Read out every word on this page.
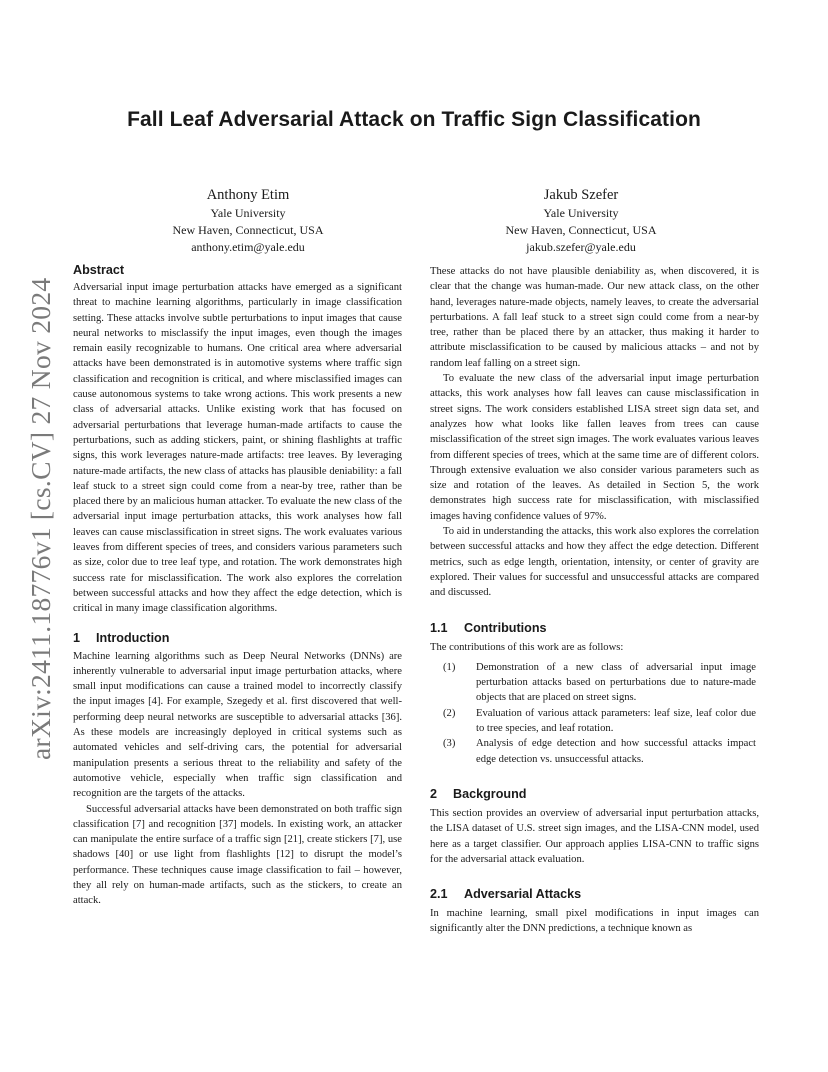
arXiv:2411.18776v1 [cs.CV] 27 Nov 2024
Fall Leaf Adversarial Attack on Traffic Sign Classification
Anthony Etim
Yale University
New Haven, Connecticut, USA
anthony.etim@yale.edu
Jakub Szefer
Yale University
New Haven, Connecticut, USA
jakub.szefer@yale.edu
Abstract

Adversarial input image perturbation attacks have emerged as a significant threat to machine learning algorithms, particularly in image classification setting. These attacks involve subtle perturbations to input images that cause neural networks to misclassify the input images, even though the images remain easily recognizable to humans. One critical area where adversarial attacks have been demonstrated is in automotive systems where traffic sign classification and recognition is critical, and where misclassified images can cause autonomous systems to take wrong actions. This work presents a new class of adversarial attacks. Unlike existing work that has focused on adversarial perturbations that leverage human-made artifacts to cause the perturbations, such as adding stickers, paint, or shining flashlights at traffic signs, this work leverages nature-made artifacts: tree leaves. By leveraging nature-made artifacts, the new class of attacks has plausible deniability: a fall leaf stuck to a street sign could come from a near-by tree, rather than be placed there by an malicious human attacker. To evaluate the new class of the adversarial input image perturbation attacks, this work analyses how fall leaves can cause misclassification in street signs. The work evaluates various leaves from different species of trees, and considers various parameters such as size, color due to tree leaf type, and rotation. The work demonstrates high success rate for misclassification. The work also explores the correlation between successful attacks and how they affect the edge detection, which is critical in many image classification algorithms.

1 Introduction

Machine learning algorithms such as Deep Neural Networks (DNNs) are inherently vulnerable to adversarial input image perturbation attacks, where small input modifications can cause a trained model to incorrectly classify the input images [4]. For example, Szegedy et al. first discovered that well-performing deep neural networks are susceptible to adversarial attacks [36]. As these models are increasingly deployed in critical systems such as automated vehicles and self-driving cars, the potential for adversarial manipulation presents a serious threat to the reliability and safety of the automotive vehicle, especially when traffic sign classification and recognition are the targets of the attacks.

Successful adversarial attacks have been demonstrated on both traffic sign classification [7] and recognition [37] models. In existing work, an attacker can manipulate the entire surface of a traffic sign [21], create stickers [7], use shadows [40] or use light from flashlights [12] to disrupt the model’s performance. These techniques cause image classification to fail – however, they all rely on human-made artifacts, such as the stickers, to create an attack.

These attacks do not have plausible deniability as, when discovered, it is clear that the change was human-made. Our new attack class, on the other hand, leverages nature-made objects, namely leaves, to create the adversarial perturbations. A fall leaf stuck to a street sign could come from a near-by tree, rather than be placed there by an attacker, thus making it harder to attribute misclassification to be caused by malicious attacks – and not by random leaf falling on a street sign.

To evaluate the new class of the adversarial input image perturbation attacks, this work analyses how fall leaves can cause misclassification in street signs. The work considers established LISA street sign data set, and analyzes how what looks like fallen leaves from trees can cause misclassification of the street sign images. The work evaluates various leaves from different species of trees, which at the same time are of different colors. Through extensive evaluation we also consider various parameters such as size and rotation of the leaves. As detailed in Section 5, the work demonstrates high success rate for misclassification, with misclassified images having confidence values of 97%.

To aid in understanding the attacks, this work also explores the correlation between successful attacks and how they affect the edge detection. Different metrics, such as edge length, orientation, intensity, or center of gravity are explored. Their values for successful and unsuccessful attacks are compared and discussed.

1.1 Contributions

The contributions of this work are as follows:

(1) Demonstration of a new class of adversarial input image perturbation attacks based on perturbations due to nature-made objects that are placed on street signs.
(2) Evaluation of various attack parameters: leaf size, leaf color due to tree species, and leaf rotation.
(3) Analysis of edge detection and how successful attacks impact edge detection vs. unsuccessful attacks.
2 Background

This section provides an overview of adversarial input perturbation attacks, the LISA dataset of U.S. street sign images, and the LISA-CNN model, used here as a target classifier. Our approach applies LISA-CNN to traffic signs for the adversarial attack evaluation.

2.1 Adversarial Attacks

In machine learning, small pixel modifications in input images can significantly alter the DNN predictions, a technique known as
